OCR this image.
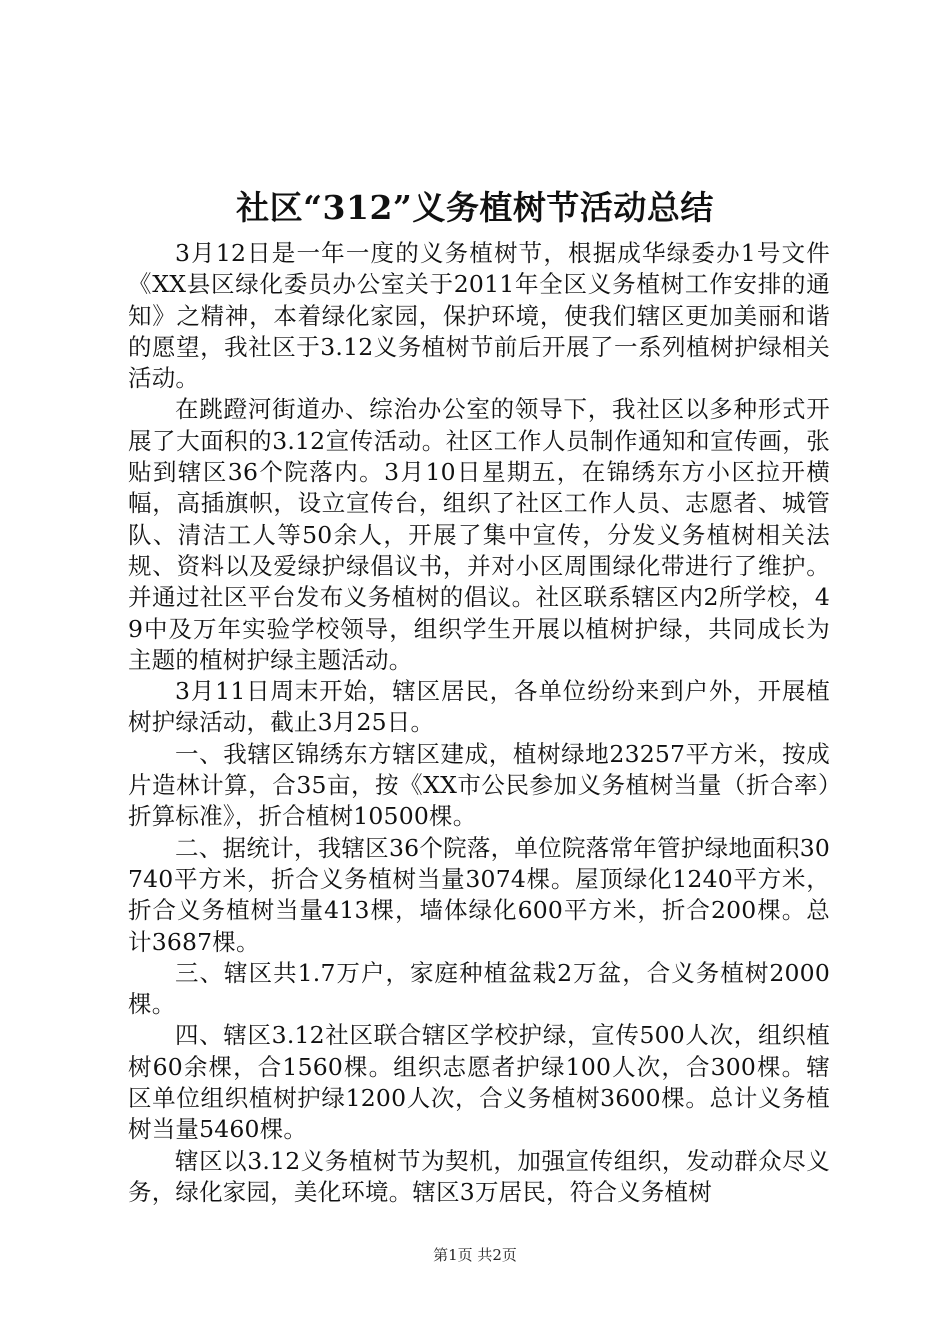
社区“312”义务植树节活动总结

3月12日是一年一度的义务植树节，根据成华绿委办1号文件《XX县区绿化委员办公室关于2011年全区义务植树工作安排的通知》之精神，本着绿化家园，保护环境，使我们辖区更加美丽和谐的愿望，我社区于3.12义务植树节前后开展了一系列植树护绿相关活动。

在跳蹬河街道办、综治办公室的领导下，我社区以多种形式开展了大面积的3.12宣传活动。社区工作人员制作通知和宣传画，张贴到辖区36个院落内。3月10日星期五，在锦绣东方小区拉开横幅，高插旗帜，设立宣传台，组织了社区工作人员、志愿者、城管队、清洁工人等50余人，开展了集中宣传，分发义务植树相关法规、资料以及爱绿护绿倡议书，并对小区周围绿化带进行了维护。并通过社区平台发布义务植树的倡议。社区联系辖区内2所学校，49中及万年实验学校领导，组织学生开展以植树护绿，共同成长为主题的植树护绿主题活动。

3月11日周末开始，辖区居民，各单位纷纷来到户外，开展植树护绿活动，截止3月25日。

一、我辖区锦绣东方辖区建成，植树绿地23257平方米，按成片造林计算，合35亩，按《XX市公民参加义务植树当量（折合率）折算标准》，折合植树10500棵。

二、据统计，我辖区36个院落，单位院落常年管护绿地面积30740平方米，折合义务植树当量3074棵。屋顶绿化1240平方米，折合义务植树当量413棵，墙体绿化600平方米，折合200棵。总计3687棵。

三、辖区共1.7万户，家庭种植盆栽2万盆，合义务植树2000棵。

四、辖区3.12社区联合辖区学校护绿，宣传500人次，组织植树60余棵，合1560棵。组织志愿者护绿100人次，合300棵。辖区单位组织植树护绿1200人次，合义务植树3600棵。总计义务植树当量5460棵。

辖区以3.12义务植树节为契机，加强宣传组织，发动群众尽义务，绿化家园，美化环境。辖区3万居民，符合义务植树

第1页 共2页
